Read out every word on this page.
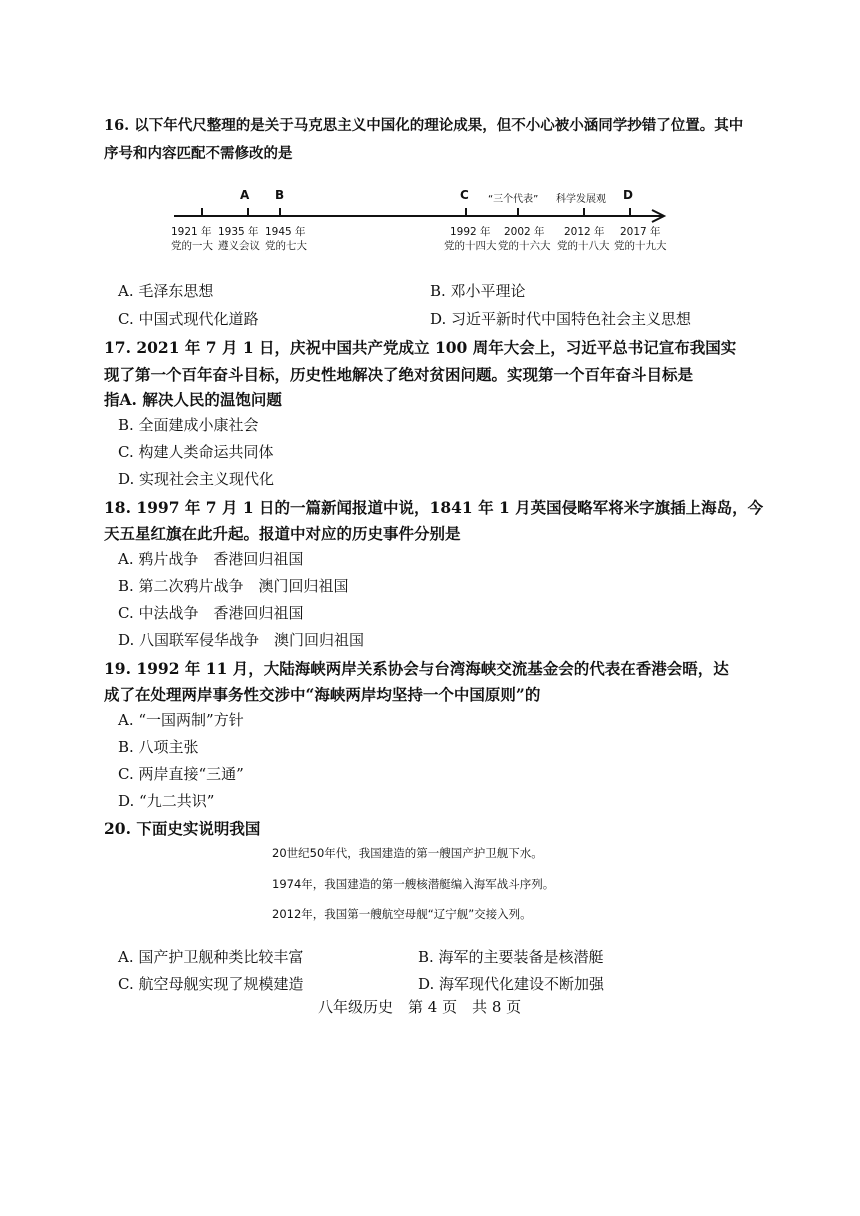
16. 以下年代尺整理的是关于马克思主义中国化的理论成果，但不小心被小涵同学抄错了位置。其中
序号和内容匹配不需修改的是
A B	C “三个代表” 科学发展观 D
1921 年
党的一大
1935 年
遵义会议
1945 年
党的七大
1992 年
党的十四大
2002 年
党的十六大
2012 年
党的十八大
2017 年
党的十九大
A. 毛泽东思想	B. 邓小平理论
C. 中国式现代化道路	D. 习近平新时代中国特色社会主义思想
17. 2021 年 7 月 1 日，庆祝中国共产党成立 100 周年大会上，习近平总书记宣布我国实
现了第一个百年奋斗目标，历史性地解决了绝对贫困问题。实现第一个百年奋斗目标是
指A. 解决人民的温饱问题
B. 全面建成小康社会
C. 构建人类命运共同体
D. 实现社会主义现代化
18. 1997 年 7 月 1 日的一篇新闻报道中说，1841 年 1 月英国侵略军将米字旗插上海岛，今
天五星红旗在此升起。报道中对应的历史事件分别是
A. 鸦片战争　香港回归祖国
B. 第二次鸦片战争　澳门回归祖国
C. 中法战争　香港回归祖国
D. 八国联军侵华战争　澳门回归祖国
19. 1992 年 11 月，大陆海峡两岸关系协会与台湾海峡交流基金会的代表在香港会晤，达
成了在处理两岸事务性交涉中“海峡两岸均坚持一个中国原则”的
A. “一国两制”方针
B. 八项主张
C. 两岸直接“三通”
D. “九二共识”
20. 下面史实说明我国
20世纪50年代，我国建造的第一艘国产护卫舰下水。
1974年，我国建造的第一艘核潜艇编入海军战斗序列。
2012年，我国第一艘航空母舰“辽宁舰”交接入列。
A. 国产护卫舰种类比较丰富	B. 海军的主要装备是核潜艇
C. 航空母舰实现了规模建造	D. 海军现代化建设不断加强
八年级历史　第 4 页　共 8 页
